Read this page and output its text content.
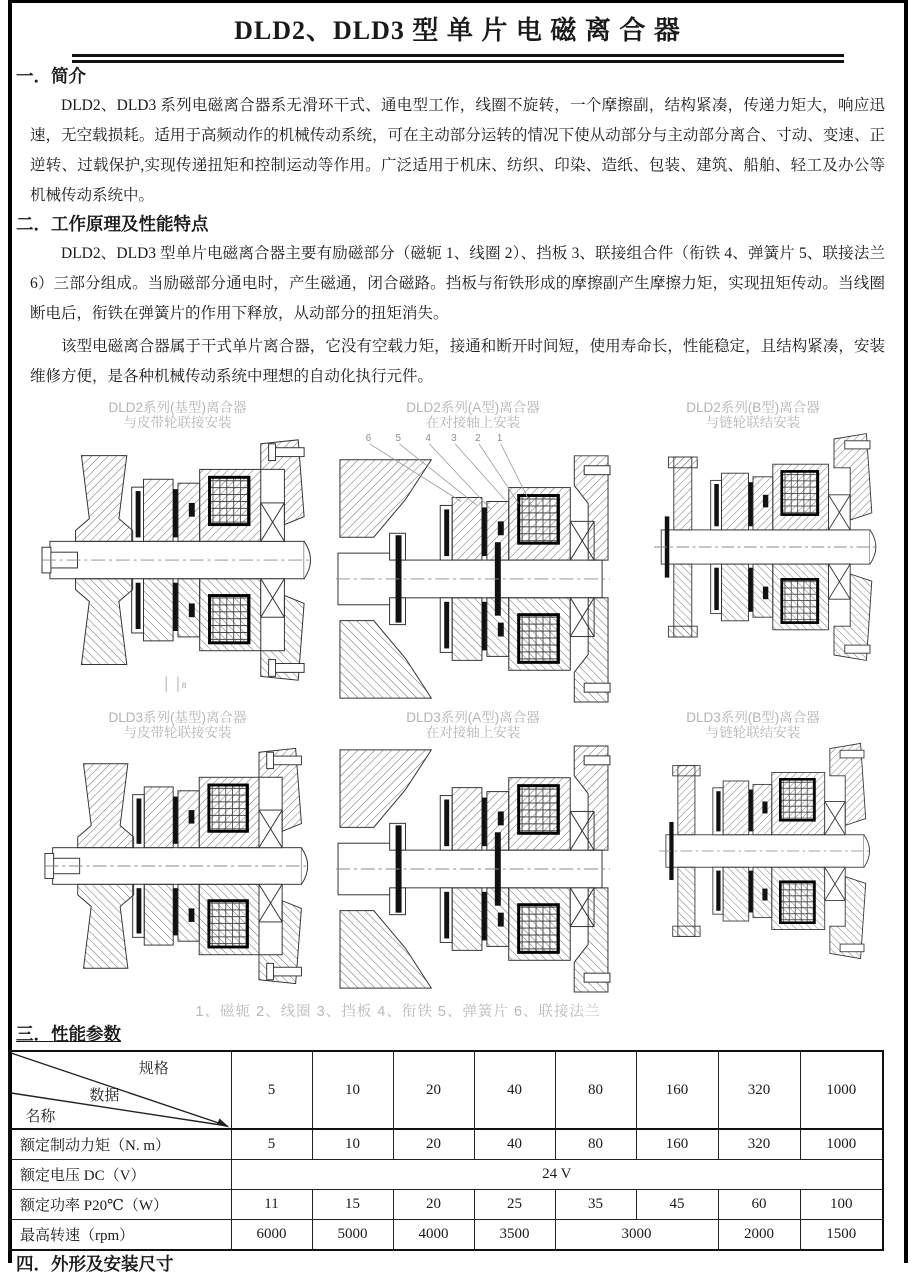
DLD2、DLD3 型 单 片 电 磁 离 合 器
一．简介

DLD2、DLD3 系列电磁离合器系无滑环干式、通电型工作，线圈不旋转，一个摩擦副，结构紧凑，传递力矩大，响应迅速，无空载损耗。适用于高频动作的机械传动系统，可在主动部分运转的情况下使从动部分与主动部分离合、寸动、变速、正逆转、过载保护,实现传递扭矩和控制运动等作用。广泛适用于机床、纺织、印染、造纸、包装、建筑、船舶、轻工及办公等机械传动系统中。

二．工作原理及性能特点

DLD2、DLD3 型单片电磁离合器主要有励磁部分（磁轭 1、线圈 2）、挡板 3、联接组合件（衔铁 4、弹簧片 5、联接法兰 6）三部分组成。当励磁部分通电时，产生磁通，闭合磁路。挡板与衔铁形成的摩擦副产生摩擦力矩，实现扭矩传动。当线圈断电后，衔铁在弹簧片的作用下释放，从动部分的扭矩消失。

该型电磁离合器属于干式单片离合器，它没有空载力矩，接通和断开时间短，使用寿命长，性能稳定，且结构紧凑，安装维修方便，是各种机械传动系统中理想的自动化执行元件。

DLD2系列(基型)离合器
与皮带轮联接安装
8
DLD2系列(A型)离合器
在对接轴上安装
6 5 4 3 2 1
DLD2系列(B型)离合器
与链轮联结安装
DLD3系列(基型)离合器
与皮带轮联接安装
DLD3系列(A型)离合器
在对接轴上安装
DLD3系列(B型)离合器
与链轮联结安装
1、磁轭 2、线圈 3、挡板 4、衔铁 5、弹簧片 6、联接法兰
三．性能参数
规格
数据
名称	5	10	20	40	80	160	320	1000
额定制动力矩（N. m）	5	10	20	40	80	160	320	1000
额定电压 DC（V）	24 V							
额定功率 P20℃（W）	11	15	20	25	35	45	60	100
最高转速（rpm）	6000	5000	4000	3500	3000		2000	1500
四．外形及安装尺寸
